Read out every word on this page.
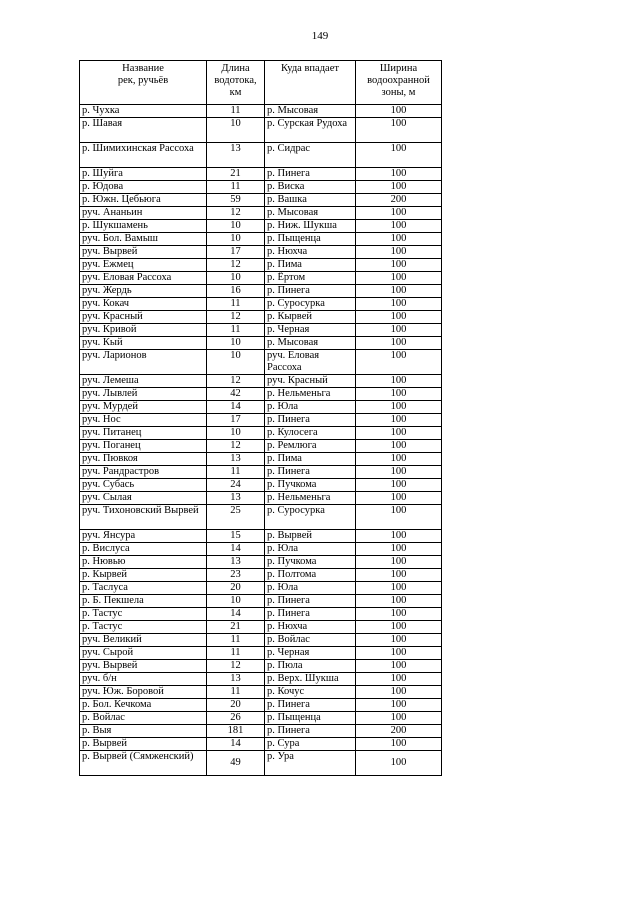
149
Название
рек, ручьёв	Длина
водотока,
км	Куда впадает	Ширина
водоохранной
зоны, м
р. Чухка	11	р. Мысовая	100
р. Шавая	10	р. Сурская Рудоха	100
р. Шимихинская Рассоха	13	р. Сидрас	100
р. Шуйга	21	р. Пинега	100
р. Юдова	11	р. Виска	100
р. Южн. Цебьюга	59	р. Вашка	200
руч. Ананьин	12	р. Мысовая	100
р. Шукшамень	10	р. Ниж. Шукша	100
руч. Бол. Вамыш	10	р. Пыщенца	100
руч. Вырвей	17	р. Нюхча	100
руч. Ежмец	12	р. Пима	100
руч. Еловая Рассоха	10	р. Ёртом	100
руч. Жердь	16	р. Пинега	100
руч. Кокач	11	р. Суросурка	100
руч. Красный	12	р. Кырвей	100
руч. Кривой	11	р. Черная	100
руч. Кый	10	р. Мысовая	100
руч. Ларионов	10	руч. Еловая Рассоха	100
руч. Лемеша	12	руч. Красный	100
руч. Лывлей	42	р. Нельменьга	100
руч. Мурдей	14	р. Юла	100
руч. Нос	17	р. Пинега	100
руч. Питанец	10	р. Кулосега	100
руч. Поганец	12	р. Ремлюга	100
руч. Пювкоя	13	р. Пима	100
руч. Рандрастров	11	р. Пинега	100
руч. Субась	24	р. Пучкома	100
руч. Сылая	13	р. Нельменьга	100
руч. Тихоновский Вырвей	25	р. Суросурка	100
руч. Янсура	15	р. Вырвей	100
р. Вислуса	14	р. Юла	100
р. Нювью	13	р. Пучкома	100
р. Кырвей	23	р. Полтома	100
р. Таслуса	20	р. Юла	100
р. Б. Пекшела	10	р. Пинега	100
р. Тастус	14	р. Пинега	100
р. Тастус	21	р. Нюхча	100
руч. Великий	11	р. Войлас	100
руч. Сырой	11	р. Черная	100
руч. Вырвей	12	р. Пюла	100
руч. б/н	13	р. Верх. Шукша	100
руч. Юж. Боровой	11	р. Кочус	100
р. Бол. Кечкома	20	р. Пинега	100
р. Войлас	26	р. Пыщенца	100
р. Выя	181	р. Пинега	200
р. Вырвей	14	р. Сура	100
р. Вырвей (Сямженский)	49	р. Ура	100
